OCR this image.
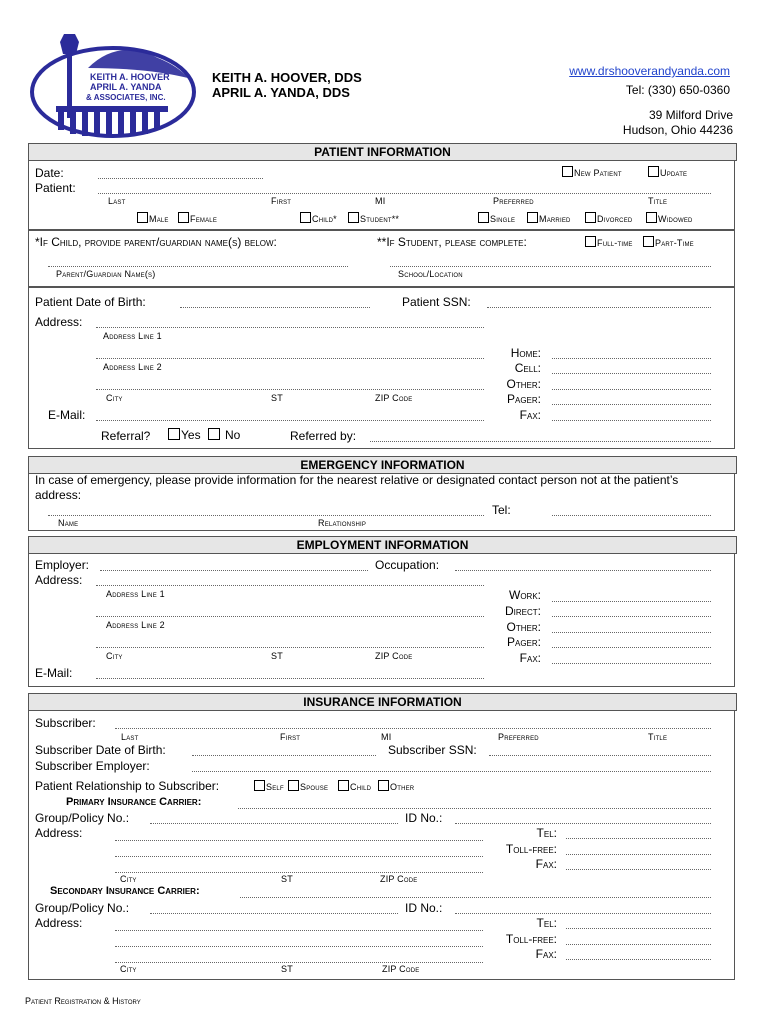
KEITH A. HOOVER
APRIL A. YANDA
& ASSOCIATES, INC.
KEITH A. HOOVER, DDS
APRIL A. YANDA, DDS
www.drshooverandyanda.com
Tel: (330) 650-0360
39 Milford Drive
Hudson, Ohio 44236
PATIENT INFORMATION
Date:	New Patient	Update
Patient:
Last	First	MI	Preferred	Title
Male	Female	Child*	Student**	Single	Married	Divorced	Widowed
*If Child, provide parent/guardian name(s) below:	**If Student, please complete:	Full-time	Part-Time
Parent/Guardian Name(s)	School/Location
Patient Date of Birth:	Patient SSN:
Address:
Address Line 1
Address Line 2
City	ST	ZIP Code
Home:
Cell:
Other:
Pager:
Fax:
E-Mail:
Referral?	Yes	No	Referred by:
EMERGENCY INFORMATION
In case of emergency, please provide information for the nearest relative or designated contact person not at the patient’s
address:
Tel:
Name	Relationship
EMPLOYMENT INFORMATION
Employer:	Occupation:
Address:
Address Line 1
Address Line 2
City	ST	ZIP Code
Work:
Direct:
Other:
Pager:
Fax:
E-Mail:
INSURANCE INFORMATION
Subscriber:
Last	First	MI	Preferred	Title
Subscriber Date of Birth:	Subscriber SSN:
Subscriber Employer:
Patient Relationship to Subscriber:	Self	Spouse	Child	Other
Primary Insurance Carrier:
Group/Policy No.:	ID No.:
Address:
City	ST	ZIP Code
Tel:
Toll-free:
Fax:
Secondary Insurance Carrier:
Group/Policy No.:	ID No.:
Address:
City	ST	ZIP Code
Tel:
Toll-free:
Fax:
Patient Registration & History
